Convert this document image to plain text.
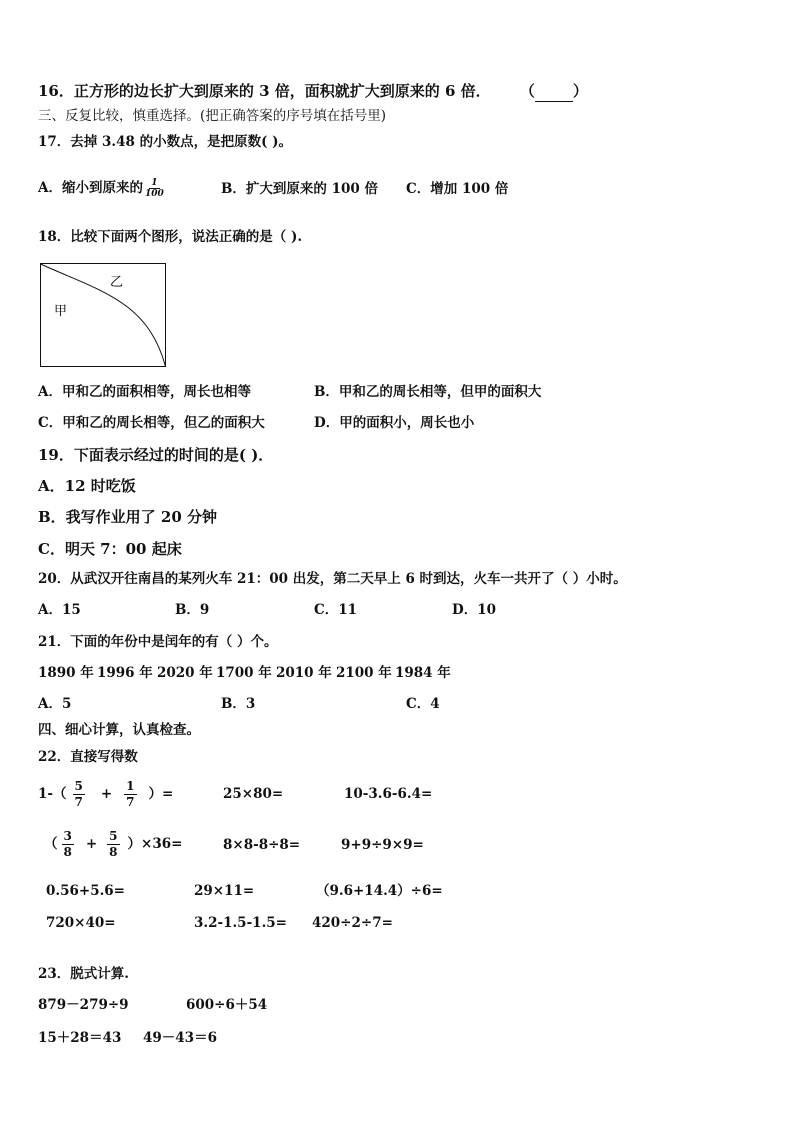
16．正方形的边长扩大到原来的 3 倍，面积就扩大到原来的 6 倍． （	）
三、反复比较，慎重选择。(把正确答案的序号填在括号里)
17．去掉 3.48 的小数点，是把原数( )。
A．缩小到原来的 $\frac{1}{100}$	B．扩大到原来的 100 倍 C．增加 100 倍
18．比较下面两个图形，说法正确的是（ ).
乙
甲
A．甲和乙的面积相等，周长也相等	B．甲和乙的周长相等，但甲的面积大
C．甲和乙的周长相等，但乙的面积大	D．甲的面积小，周长也小
19．下面表示经过的时间的是( )．
A．12 时吃饭
B．我写作业用了 20 分钟
C．明天 7：00 起床
20．从武汉开往南昌的某列火车 21：00 出发，第二天早上 6 时到达，火车一共开了（ ）小时。
A．15	B．9	C．11	D．10
21．下面的年份中是闰年的有（ ）个。
1890 年 1996 年 2020 年 1700 年 2010 年 2100 年 1984 年
A．5	B．3	C．4
四、细心计算，认真检查。
22．直接写得数
$1-( \frac{5}{7} + \frac{1}{7}$ ）=	25×80=	10-3.6-6.4=
（ $\frac{3}{8} + \frac{5}{8} )\times 36=$	8×8-8÷8=	9+9÷9×9=
0.56+5.6=	29×11=	（9.6+14.4）÷6=
720×40=	3.2-1.5-1.5= 420÷2÷7=
23．脱式计算.
879－279÷9	600÷6＋54
15＋28＝43 49－43＝6
